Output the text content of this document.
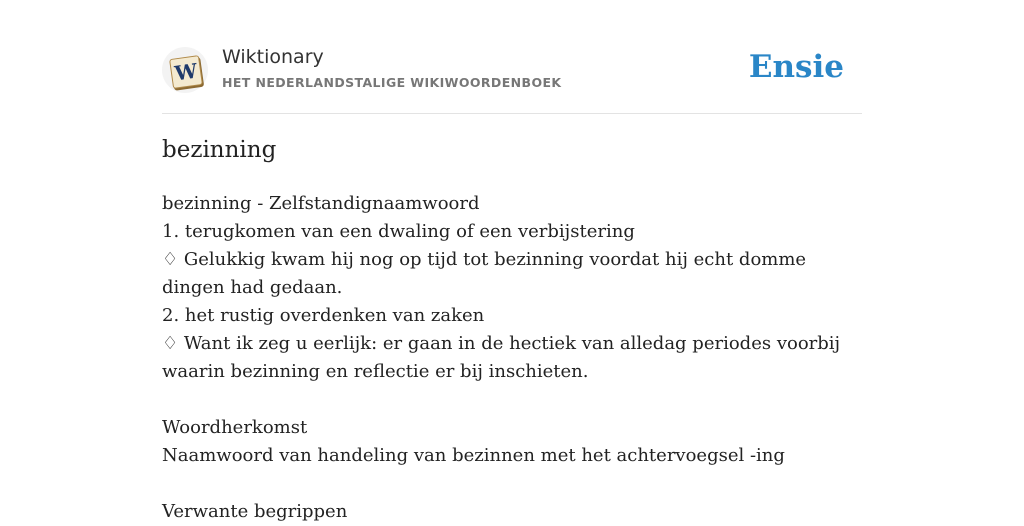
W
Wiktionary
HET NEDERLANDSTALIGE WIKIWOORDENBOEK	Ensie
bezinning
bezinning - Zelfstandignaamwoord
1. terugkomen van een dwaling of een verbijstering
♢ Gelukkig kwam hij nog op tijd tot bezinning voordat hij echt domme dingen had gedaan.
2. het rustig overdenken van zaken
♢ Want ik zeg u eerlijk: er gaan in de hectiek van alledag periodes voorbij waarin bezinning en reflectie er bij inschieten.
Woordherkomst
Naamwoord van handeling van bezinnen met het achtervoegsel -ing
Verwante begrippen
